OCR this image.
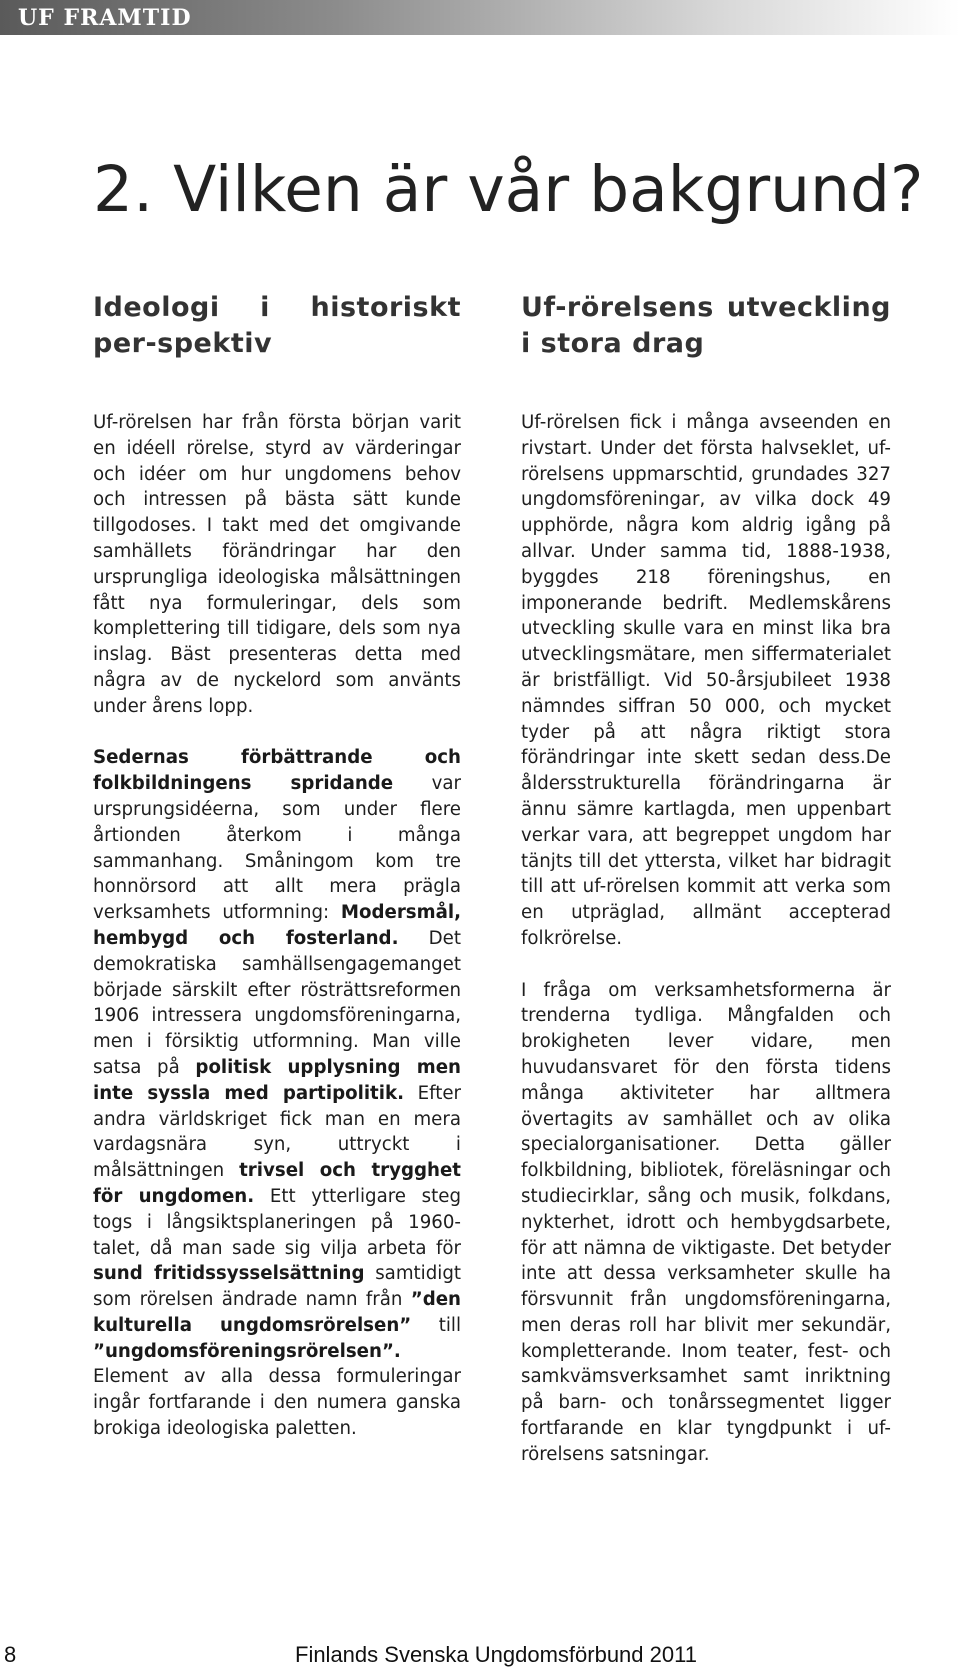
UF FRAMTID
2. Vilken är vår bakgrund?
Ideologi i historiskt per-spektiv

Uf-rörelsen har från första början varit en idéell rörelse, styrd av värderingar och idéer om hur ungdomens behov och intressen på bästa sätt kunde tillgodoses. I takt med det omgivande samhällets förändringar har den ursprungliga ideologiska målsättningen fått nya formuleringar, dels som komplettering till tidigare, dels som nya inslag. Bäst presenteras detta med några av de nyckelord som använts under årens lopp.

Sedernas förbättrande och folkbildningens spridande var ursprungsidéerna, som under flere årtionden återkom i många sammanhang. Småningom kom tre honnörsord att allt mera prägla verksamhets utformning: Modersmål, hembygd och fosterland. Det demokratiska samhällsengagemanget började särskilt efter rösträttsreformen 1906 intressera ungdomsföreningarna, men i försiktig utformning. Man ville satsa på politisk upplysning men inte syssla med partipolitik. Efter andra världskriget fick man en mera vardagsnära syn, uttryckt i målsättningen trivsel och trygghet för ungdomen. Ett ytterligare steg togs i långsiktsplaneringen på 1960-talet, då man sade sig vilja arbeta för sund fritidssysselsättning samtidigt som rörelsen ändrade namn från ”den kulturella ungdomsrörelsen” till ”ungdomsföreningsrörelsen”. Element av alla dessa formuleringar ingår fortfarande i den numera ganska brokiga ideologiska paletten.

Uf-rörelsens utveckling i stora drag

Uf-rörelsen fick i många avseenden en rivstart. Under det första halvseklet, uf-rörelsens uppmarschtid, grundades 327 ungdomsföreningar, av vilka dock 49 upphörde, några kom aldrig igång på allvar. Under samma tid, 1888-1938, byggdes 218 föreningshus, en imponerande bedrift. Medlemskårens utveckling skulle vara en minst lika bra utvecklingsmätare, men siffermaterialet är bristfälligt. Vid 50-årsjubileet 1938 nämndes siffran 50 000, och mycket tyder på att några riktigt stora förändringar inte skett sedan dess.De åldersstrukturella förändringarna är ännu sämre kartlagda, men uppenbart verkar vara, att begreppet ungdom har tänjts till det yttersta, vilket har bidragit till att uf-rörelsen kommit att verka som en utpräglad, allmänt accepterad folkrörelse.

I fråga om verksamhetsformerna är trenderna tydliga. Mångfalden och brokigheten lever vidare, men huvudansvaret för den första tidens många aktiviteter har alltmera övertagits av samhället och av olika specialorganisationer. Detta gäller folkbildning, bibliotek, föreläsningar och studiecirklar, sång och musik, folkdans, nykterhet, idrott och hembygdsarbete, för att nämna de viktigaste. Det betyder inte att dessa verksamheter skulle ha försvunnit från ungdomsföreningarna, men deras roll har blivit mer sekundär, kompletterande. Inom teater, fest- och samkvämsverksamhet samt inriktning på barn- och tonårssegmentet ligger fortfarande en klar tyngdpunkt i uf-rörelsens satsningar.

8	Finlands Svenska Ungdomsförbund 2011
